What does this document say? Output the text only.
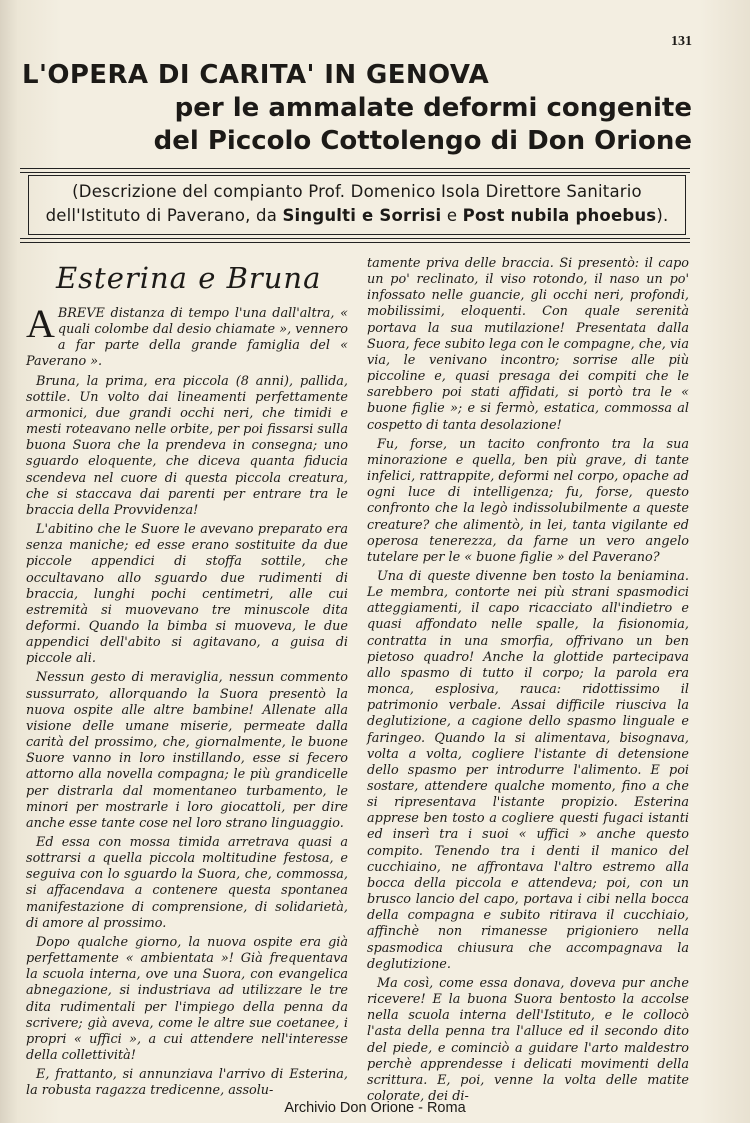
131
L'OPERA DI CARITA' IN GENOVA
per le ammalate deformi congenite
del Piccolo Cottolengo di Don Orione
(Descrizione del compianto Prof. Domenico Isola Direttore Sanitario dell'Istituto di Paverano, da Singulti e Sorrisi e Post nubila phoebus).
Esterina e Bruna

ABREVE distanza di tempo l'una dall'altra, « quali colombe dal desio chiamate », vennero a far parte della grande famiglia del « Paverano ».

Bruna, la prima, era piccola (8 anni), pallida, sottile. Un volto dai lineamenti perfettamente armonici, due grandi occhi neri, che timidi e mesti roteavano nelle orbite, per poi fissarsi sulla buona Suora che la prendeva in consegna; uno sguardo eloquente, che diceva quanta fiducia scendeva nel cuore di questa piccola creatura, che si staccava dai parenti per entrare tra le braccia della Provvidenza!

L'abitino che le Suore le avevano preparato era senza maniche; ed esse erano sostituite da due piccole appendici di stoffa sottile, che occultavano allo sguardo due rudimenti di braccia, lunghi pochi centimetri, alle cui estremità si muovevano tre minuscole dita deformi. Quando la bimba si muoveva, le due appendici dell'abito si agitavano, a guisa di piccole ali.

Nessun gesto di meraviglia, nessun commento sussurrato, allorquando la Suora presentò la nuova ospite alle altre bambine! Allenate alla visione delle umane miserie, permeate dalla carità del prossimo, che, giornalmente, le buone Suore vanno in loro instillando, esse si fecero attorno alla novella compagna; le più grandicelle per distrarla dal momentaneo turbamento, le minori per mostrarle i loro giocattoli, per dire anche esse tante cose nel loro strano linguaggio.

Ed essa con mossa timida arretrava quasi a sottrarsi a quella piccola moltitudine festosa, e seguiva con lo sguardo la Suora, che, commossa, si affacendava a contenere questa spontanea manifestazione di comprensione, di solidarietà, di amore al prossimo.

Dopo qualche giorno, la nuova ospite era già perfettamente « ambientata »! Già frequentava la scuola interna, ove una Suora, con evangelica abnegazione, si industriava ad utilizzare le tre dita rudimentali per l'impiego della penna da scrivere; già aveva, come le altre sue coetanee, i propri « uffici », a cui attendere nell'interesse della collettività!

E, frattanto, si annunziava l'arrivo di Esterina, la robusta ragazza tredicenne, assolu-

tamente priva delle braccia. Si presentò: il capo un po' reclinato, il viso rotondo, il naso un po' infossato nelle guancie, gli occhi neri, profondi, mobilissimi, eloquenti. Con quale serenità portava la sua mutilazione! Presentata dalla Suora, fece subito lega con le compagne, che, via via, le venivano incontro; sorrise alle più piccoline e, quasi presaga dei compiti che le sarebbero poi stati affidati, si portò tra le « buone figlie »; e si fermò, estatica, commossa al cospetto di tanta desolazione!

Fu, forse, un tacito confronto tra la sua minorazione e quella, ben più grave, di tante infelici, rattrappite, deformi nel corpo, opache ad ogni luce di intelligenza; fu, forse, questo confronto che la legò indissolubilmente a queste creature? che alimentò, in lei, tanta vigilante ed operosa tenerezza, da farne un vero angelo tutelare per le « buone figlie » del Paverano?

Una di queste divenne ben tosto la beniamina. Le membra, contorte nei più strani spasmodici atteggiamenti, il capo ricacciato all'indietro e quasi affondato nelle spalle, la fisionomia, contratta in una smorfia, offrivano un ben pietoso quadro! Anche la glottide partecipava allo spasmo di tutto il corpo; la parola era monca, esplosiva, rauca: ridottissimo il patrimonio verbale. Assai difficile riusciva la deglutizione, a cagione dello spasmo linguale e faringeo. Quando la si alimentava, bisognava, volta a volta, cogliere l'istante di detensione dello spasmo per introdurre l'alimento. E poi sostare, attendere qualche momento, fino a che si ripresentava l'istante propizio. Esterina apprese ben tosto a cogliere questi fugaci istanti ed inserì tra i suoi « uffici » anche questo compito. Tenendo tra i denti il manico del cucchiaino, ne affrontava l'altro estremo alla bocca della piccola e attendeva; poi, con un brusco lancio del capo, portava i cibi nella bocca della compagna e subito ritirava il cucchiaio, affinchè non rimanesse prigioniero nella spasmodica chiusura che accompagnava la deglutizione.

Ma così, come essa donava, doveva pur anche ricevere! E la buona Suora bentosto la accolse nella scuola interna dell'Istituto, e le collocò l'asta della penna tra l'alluce ed il secondo dito del piede, e cominciò a guidare l'arto maldestro perchè apprendesse i delicati movimenti della scrittura. E, poi, venne la volta delle matite colorate, dei di-

Archivio Don Orione - Roma
